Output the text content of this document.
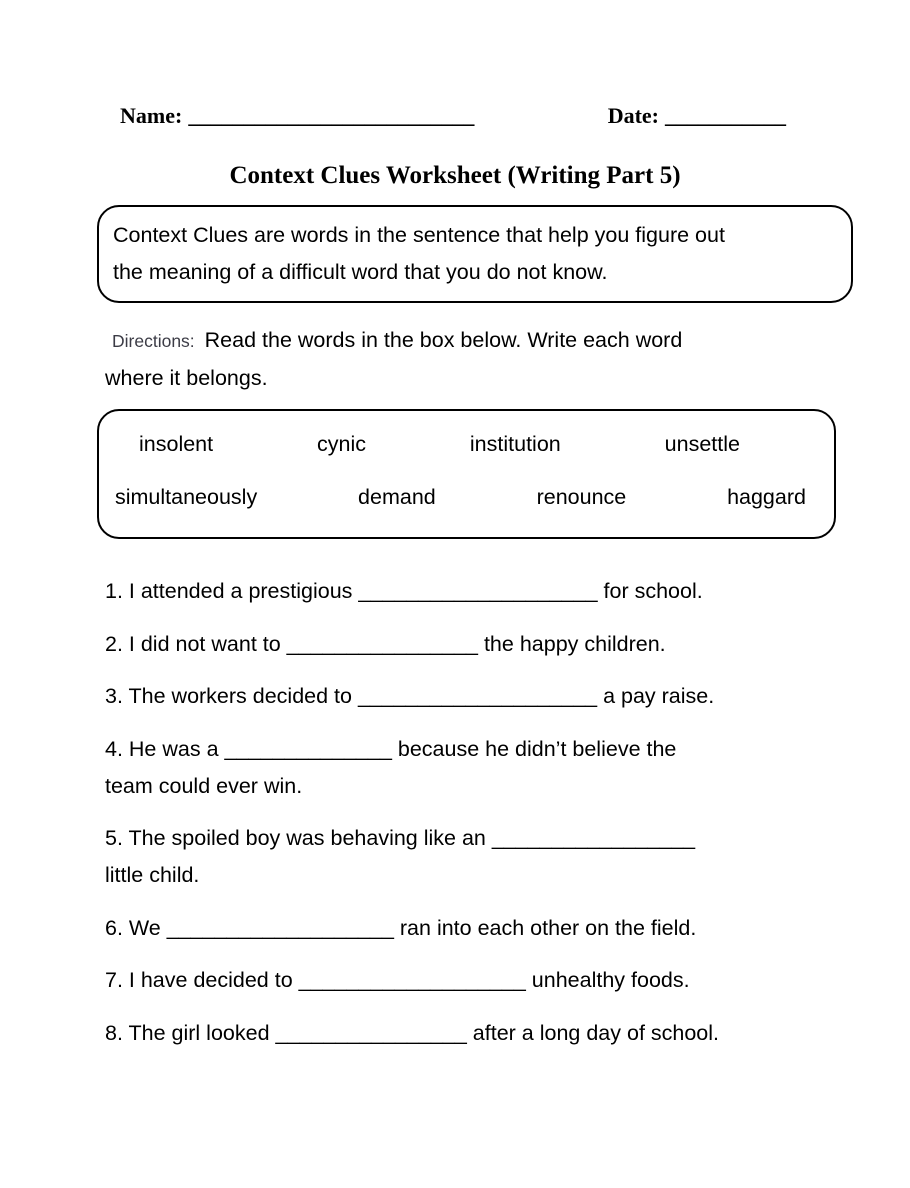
Name: __________________________	Date: ___________
Context Clues Worksheet (Writing Part 5)
Context Clues are words in the sentence that help you figure out
the meaning of a difficult word that you do not know.
Directions: Read the words in the box below. Write each word
where it belongs.
insolent	cynic	institution	unsettle
simultaneously	demand	renounce	haggard
1. I attended a prestigious ____________________ for school.
2. I did not want to ________________ the happy children.
3. The workers decided to ____________________ a pay raise.
4. He was a ______________ because he didn’t believe the
team could ever win.
5. The spoiled boy was behaving like an _________________
little child.
6. We ___________________ ran into each other on the field.
7. I have decided to ___________________ unhealthy foods.
8. The girl looked ________________ after a long day of school.
